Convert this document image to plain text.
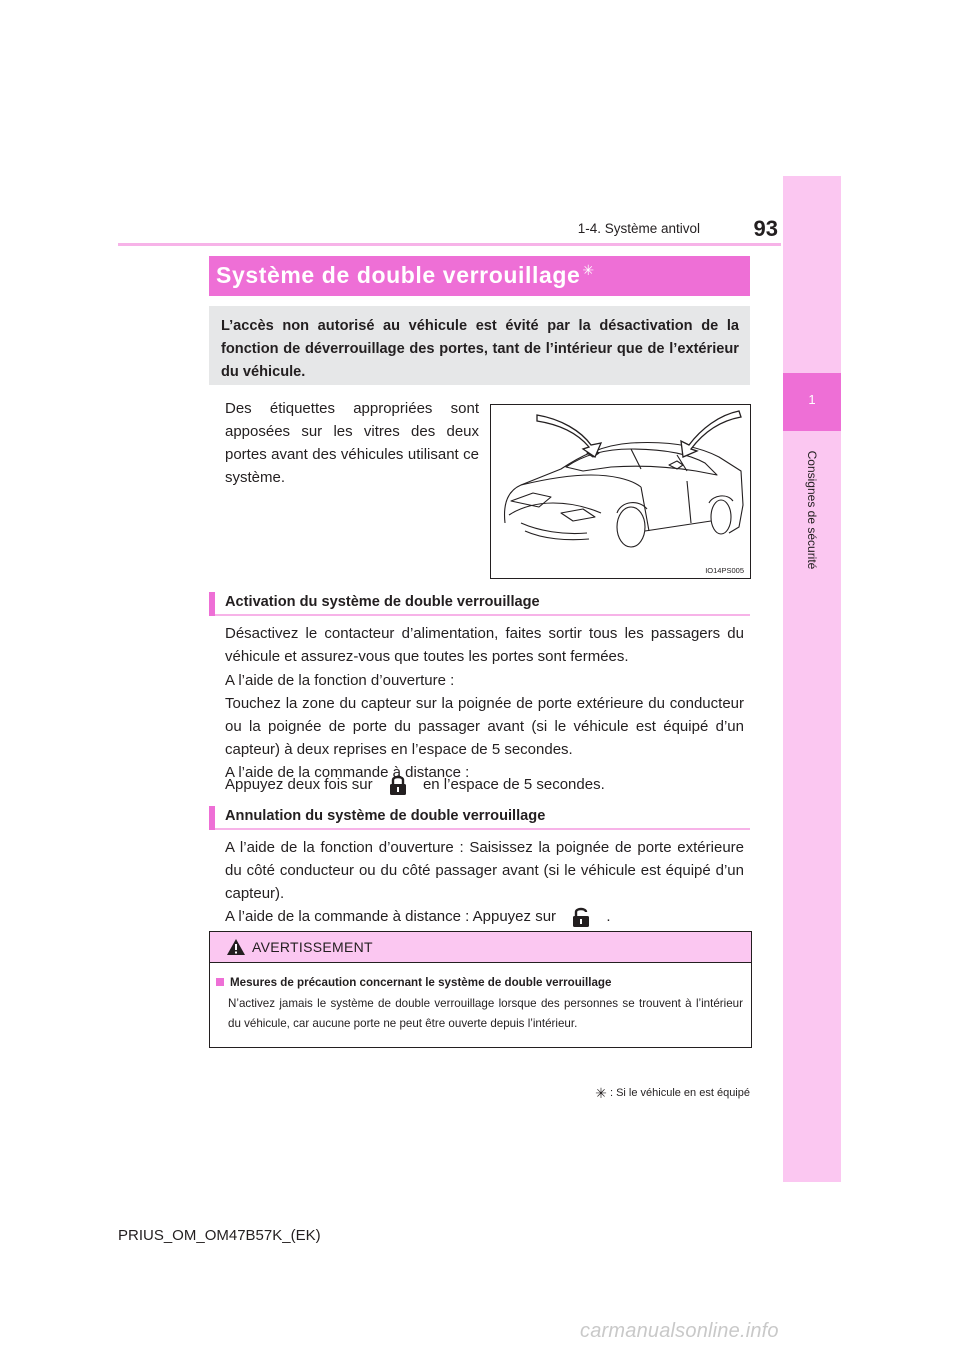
1-4. Système antivol	93
1
Consignes de sécurité
Système de double verrouillage ✳
L’accès non autorisé au véhicule est évité par la désactivation de la fonction de déverrouillage des portes, tant de l’intérieur que de l’extérieur du véhicule.
Des étiquettes appropriées sont apposées sur les vitres des deux portes avant des véhicules utilisant ce système.
IO14PS005
Activation du système de double verrouillage
Désactivez le contacteur d’alimentation, faites sortir tous les passagers du véhicule et assurez-vous que toutes les portes sont fermées.
A l’aide de la fonction d’ouverture :
Touchez la zone du capteur sur la poignée de porte extérieure du conducteur ou la poignée de porte du passager avant (si le véhicule est équipé d’un capteur) à deux reprises en l’espace de 5 secondes.
A l’aide de la commande à distance :
Appuyez deux fois sur	en l’espace de 5 secondes.
Annulation du système de double verrouillage
A l’aide de la fonction d’ouverture : Saisissez la poignée de porte extérieure du côté conducteur ou du côté passager avant (si le véhicule est équipé d’un capteur).
A l’aide de la commande à distance : Appuyez sur	.
AVERTISSEMENT
Mesures de précaution concernant le système de double verrouillage
N’activez jamais le système de double verrouillage lorsque des personnes se trouvent à l’intérieur du véhicule, car aucune porte ne peut être ouverte depuis l’intérieur.
✳ : Si le véhicule en est équipé
PRIUS_OM_OM47B57K_(EK)
carmanualsonline.info
